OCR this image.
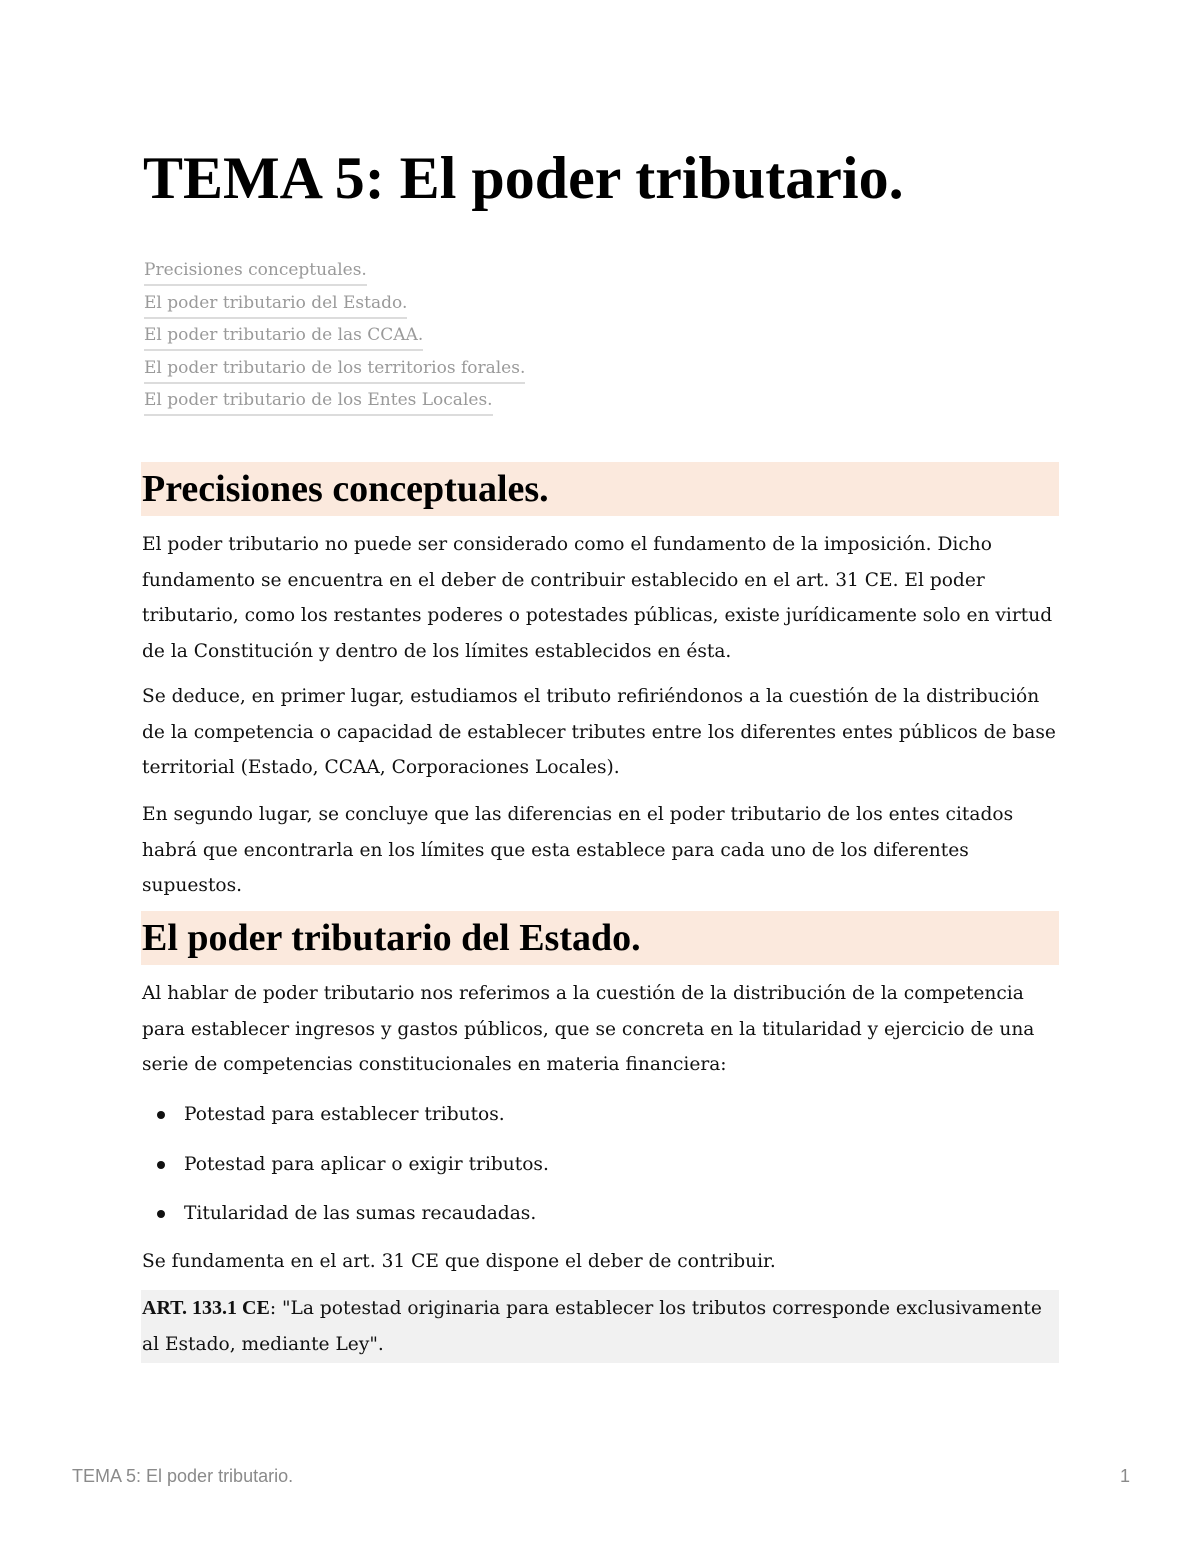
TEMA 5: El poder tributario.
Precisiones conceptuales.
El poder tributario del Estado.
El poder tributario de las CCAA.
El poder tributario de los territorios forales.
El poder tributario de los Entes Locales.
Precisiones conceptuales.

El poder tributario no puede ser considerado como el fundamento de la imposición. Dicho fundamento se encuentra en el deber de contribuir establecido en el art. 31 CE. El poder tributario, como los restantes poderes o potestades públicas, existe jurídicamente solo en virtud de la Constitución y dentro de los límites establecidos en ésta.

Se deduce, en primer lugar, estudiamos el tributo refiriéndonos a la cuestión de la distribución de la competencia o capacidad de establecer tributes entre los diferentes entes públicos de base territorial (Estado, CCAA, Corporaciones Locales).

En segundo lugar, se concluye que las diferencias en el poder tributario de los entes citados habrá que encontrarla en los límites que esta establece para cada uno de los diferentes supuestos.

El poder tributario del Estado.

Al hablar de poder tributario nos referimos a la cuestión de la distribución de la competencia para establecer ingresos y gastos públicos, que se concreta en la titularidad y ejercicio de una serie de competencias constitucionales en materia financiera:

Potestad para establecer tributos.
Potestad para aplicar o exigir tributos.
Titularidad de las sumas recaudadas.

Se fundamenta en el art. 31 CE que dispone el deber de contribuir.

ART. 133.1 CE: "La potestad originaria para establecer los tributos corresponde exclusivamente al Estado, mediante Ley".
TEMA 5: El poder tributario.	1
